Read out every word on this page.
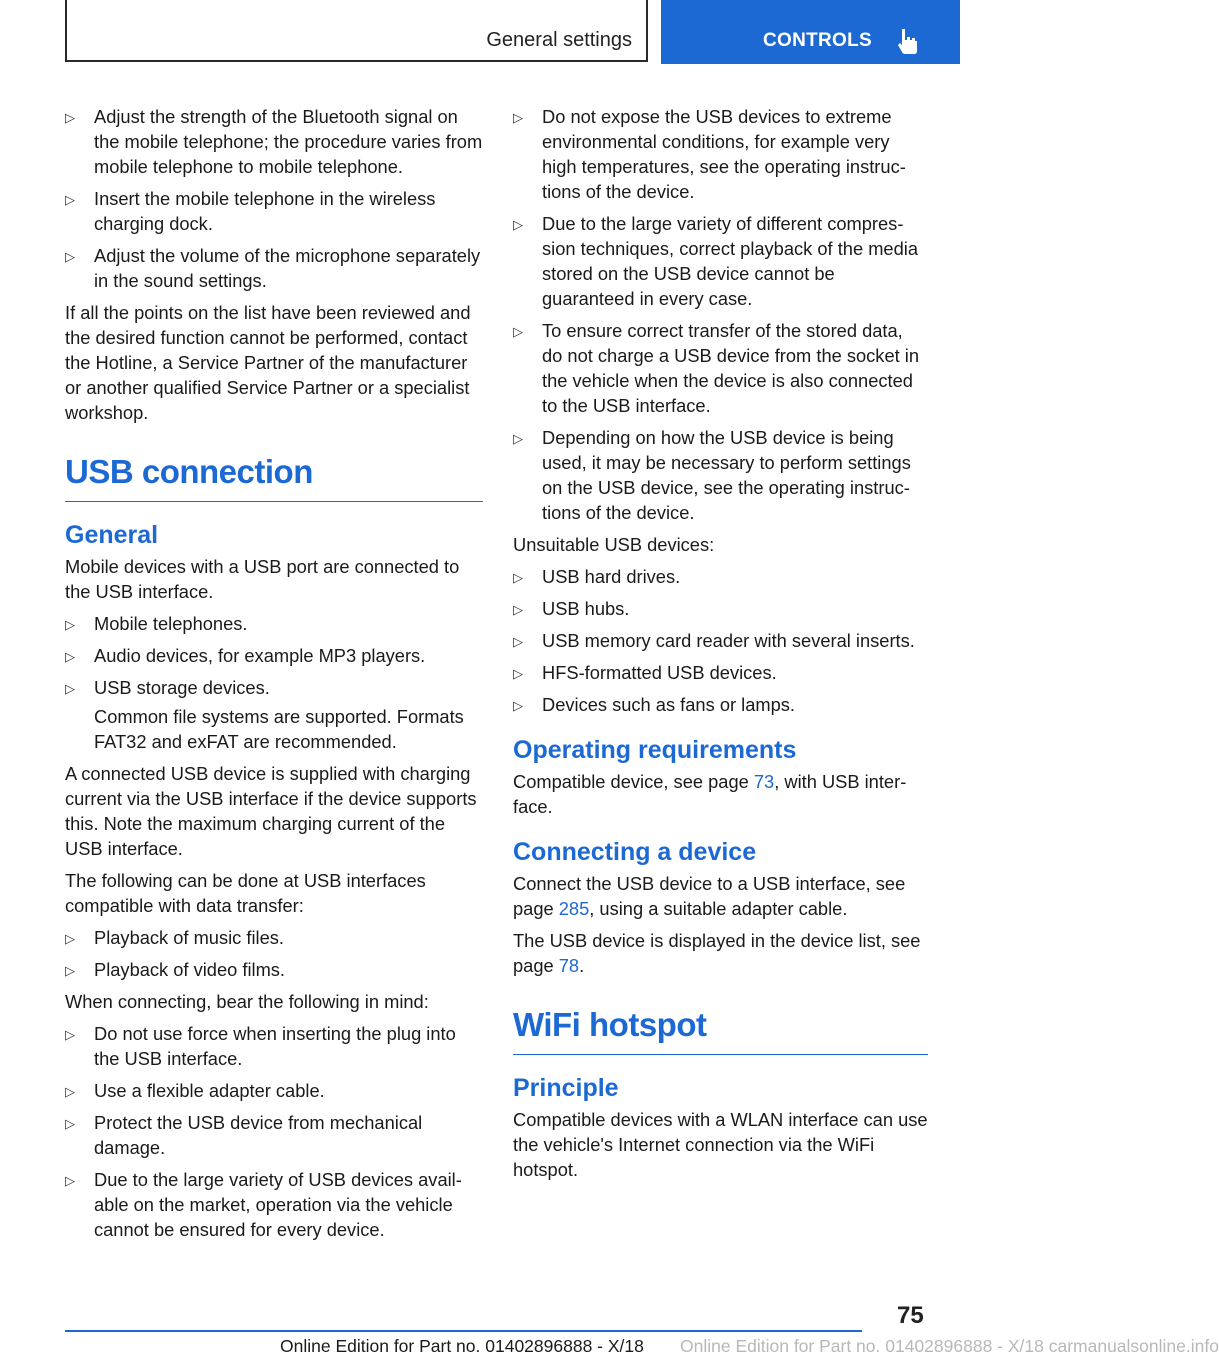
General settings	CONTROLS
▷ Adjust the strength of the Bluetooth signal on the mobile telephone; the procedure varies from mobile telephone to mobile telephone.
▷ Insert the mobile telephone in the wireless charging dock.
▷ Adjust the volume of the microphone separately in the sound settings.

If all the points on the list have been reviewed and the desired function cannot be performed, contact the Hotline, a Service Partner of the manufacturer or another qualified Service Partner or a specialist workshop.

USB connection
General

Mobile devices with a USB port are connected to the USB interface.

▷ Mobile telephones.
▷ Audio devices, for example MP3 players.
▷ USB storage devices.

Common file systems are supported. Formats FAT32 and exFAT are recommended.

A connected USB device is supplied with charging current via the USB interface if the device supports this. Note the maximum charging current of the USB interface.

The following can be done at USB interfaces compatible with data transfer:

▷ Playback of music files.
▷ Playback of video films.

When connecting, bear the following in mind:

▷ Do not use force when inserting the plug into the USB interface.
▷ Use a flexible adapter cable.
▷ Protect the USB device from mechanical damage.
▷ Due to the large variety of USB devices available on the market, operation via the vehicle cannot be ensured for every device.
▷ Do not expose the USB devices to extreme environmental conditions, for example very high temperatures, see the operating instructions of the device.
▷ Due to the large variety of different compression techniques, correct playback of the media stored on the USB device cannot be guaranteed in every case.
▷ To ensure correct transfer of the stored data, do not charge a USB device from the socket in the vehicle when the device is also connected to the USB interface.
▷ Depending on how the USB device is being used, it may be necessary to perform settings on the USB device, see the operating instructions of the device.

Unsuitable USB devices:

▷ USB hard drives.
▷ USB hubs.
▷ USB memory card reader with several inserts.
▷ HFS-formatted USB devices.
▷ Devices such as fans or lamps.
Operating requirements

Compatible device, see page 73, with USB interface.

Connecting a device

Connect the USB device to a USB interface, see page 285, using a suitable adapter cable.

The USB device is displayed in the device list, see page 78.

WiFi hotspot
Principle

Compatible devices with a WLAN interface can use the vehicle's Internet connection via the WiFi hotspot.

75
Online Edition for Part no. 01402896888 - X/18 carmanualsonline.info
Online Edition for Part no. 01402896888 - X/18
